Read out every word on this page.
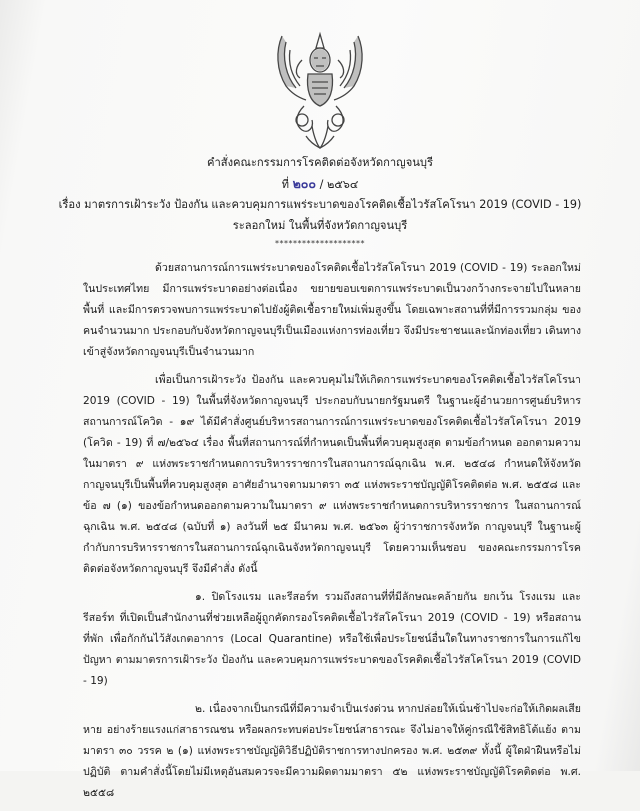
คำสั่งคณะกรรมการโรคติดต่อจังหวัดกาญจนบุรี
ที่ ๒๐๐ / ๒๕๖๔
เรื่อง มาตรการเฝ้าระวัง ป้องกัน และควบคุมการแพร่ระบาดของโรคติดเชื้อไวรัสโคโรนา 2019 (COVID - 19)
ระลอกใหม่ ในพื้นที่จังหวัดกาญจนบุรี
********************

ด้วยสถานการณ์การแพร่ระบาดของโรคติดเชื้อไวรัสโคโรนา 2019 (COVID - 19) ระลอกใหม่ ในประเทศไทย มีการแพร่ระบาดอย่างต่อเนื่อง ขยายขอบเขตการแพร่ระบาดเป็นวงกว้างกระจายไปในหลายพื้นที่ และมีการตรวจพบการแพร่ระบาดไปยังผู้ติดเชื้อรายใหม่เพิ่มสูงขึ้น โดยเฉพาะสถานที่ที่มีการรวมกลุ่ม ของคนจำนวนมาก ประกอบกับจังหวัดกาญจนบุรีเป็นเมืองแห่งการท่องเที่ยว จึงมีประชาชนและนักท่องเที่ยว เดินทางเข้าสู่จังหวัดกาญจนบุรีเป็นจำนวนมาก

เพื่อเป็นการเฝ้าระวัง ป้องกัน และควบคุมไม่ให้เกิดการแพร่ระบาดของโรคติดเชื้อไวรัสโคโรนา 2019 (COVID - 19) ในพื้นที่จังหวัดกาญจนบุรี ประกอบกับนายกรัฐมนตรี ในฐานะผู้อำนวยการศูนย์บริหาร สถานการณ์โควิด - ๑๙ ได้มีคำสั่งศูนย์บริหารสถานการณ์การแพร่ระบาดของโรคติดเชื้อไวรัสโคโรนา 2019 (โควิด - 19) ที่ ๗/๒๕๖๔ เรื่อง พื้นที่สถานการณ์ที่กำหนดเป็นพื้นที่ควบคุมสูงสุด ตามข้อกำหนด ออกตามความ ในมาตรา ๙ แห่งพระราชกำหนดการบริหารราชการในสถานการณ์ฉุกเฉิน พ.ศ. ๒๕๔๘ กำหนดให้จังหวัด กาญจนบุรีเป็นพื้นที่ควบคุมสูงสุด อาศัยอำนาจตามมาตรา ๓๕ แห่งพระราชบัญญัติโรคติดต่อ พ.ศ. ๒๕๕๘ และข้อ ๗ (๑) ของข้อกำหนดออกตามความในมาตรา ๙ แห่งพระราชกำหนดการบริหารราชการ ในสถานการณ์ฉุกเฉิน พ.ศ. ๒๕๔๘ (ฉบับที่ ๑) ลงวันที่ ๒๕ มีนาคม พ.ศ. ๒๕๖๓ ผู้ว่าราชการจังหวัด กาญจนบุรี ในฐานะผู้กำกับการบริหารราชการในสถานการณ์ฉุกเฉินจังหวัดกาญจนบุรี โดยความเห็นชอบ ของคณะกรรมการโรคติดต่อจังหวัดกาญจนบุรี จึงมีคำสั่ง ดังนี้

๑. ปิดโรงแรม และรีสอร์ท รวมถึงสถานที่ที่มีลักษณะคล้ายกัน ยกเว้น โรงแรม และรีสอร์ท ที่เปิดเป็นสำนักงานที่ช่วยเหลือผู้ถูกคัดกรองโรคติดเชื้อไวรัสโคโรนา 2019 (COVID - 19) หรือสถานที่พัก เพื่อกักกันไว้สังเกตอาการ (Local Quarantine) หรือใช้เพื่อประโยชน์อื่นใดในทางราชการในการแก้ไขปัญหา ตามมาตรการเฝ้าระวัง ป้องกัน และควบคุมการแพร่ระบาดของโรคติดเชื้อไวรัสโคโรนา 2019 (COVID - 19)

๒. เนื่องจากเป็นกรณีที่มีความจำเป็นเร่งด่วน หากปล่อยให้เนิ่นช้าไปจะก่อให้เกิดผลเสียหาย อย่างร้ายแรงแก่สาธารณชน หรือผลกระทบต่อประโยชน์สาธารณะ จึงไม่อาจให้คู่กรณีใช้สิทธิโต้แย้ง ตามมาตรา ๓๐ วรรค ๒ (๑) แห่งพระราชบัญญัติวิธีปฏิบัติราชการทางปกครอง พ.ศ. ๒๕๓๙ ทั้งนี้ ผู้ใดฝ่าฝืนหรือไม่ปฏิบัติ ตามคำสั่งนี้โดยไม่มีเหตุอันสมควรจะมีความผิดตามมาตรา ๕๒ แห่งพระราชบัญญัติโรคติดต่อ พ.ศ. ๒๕๕๘
